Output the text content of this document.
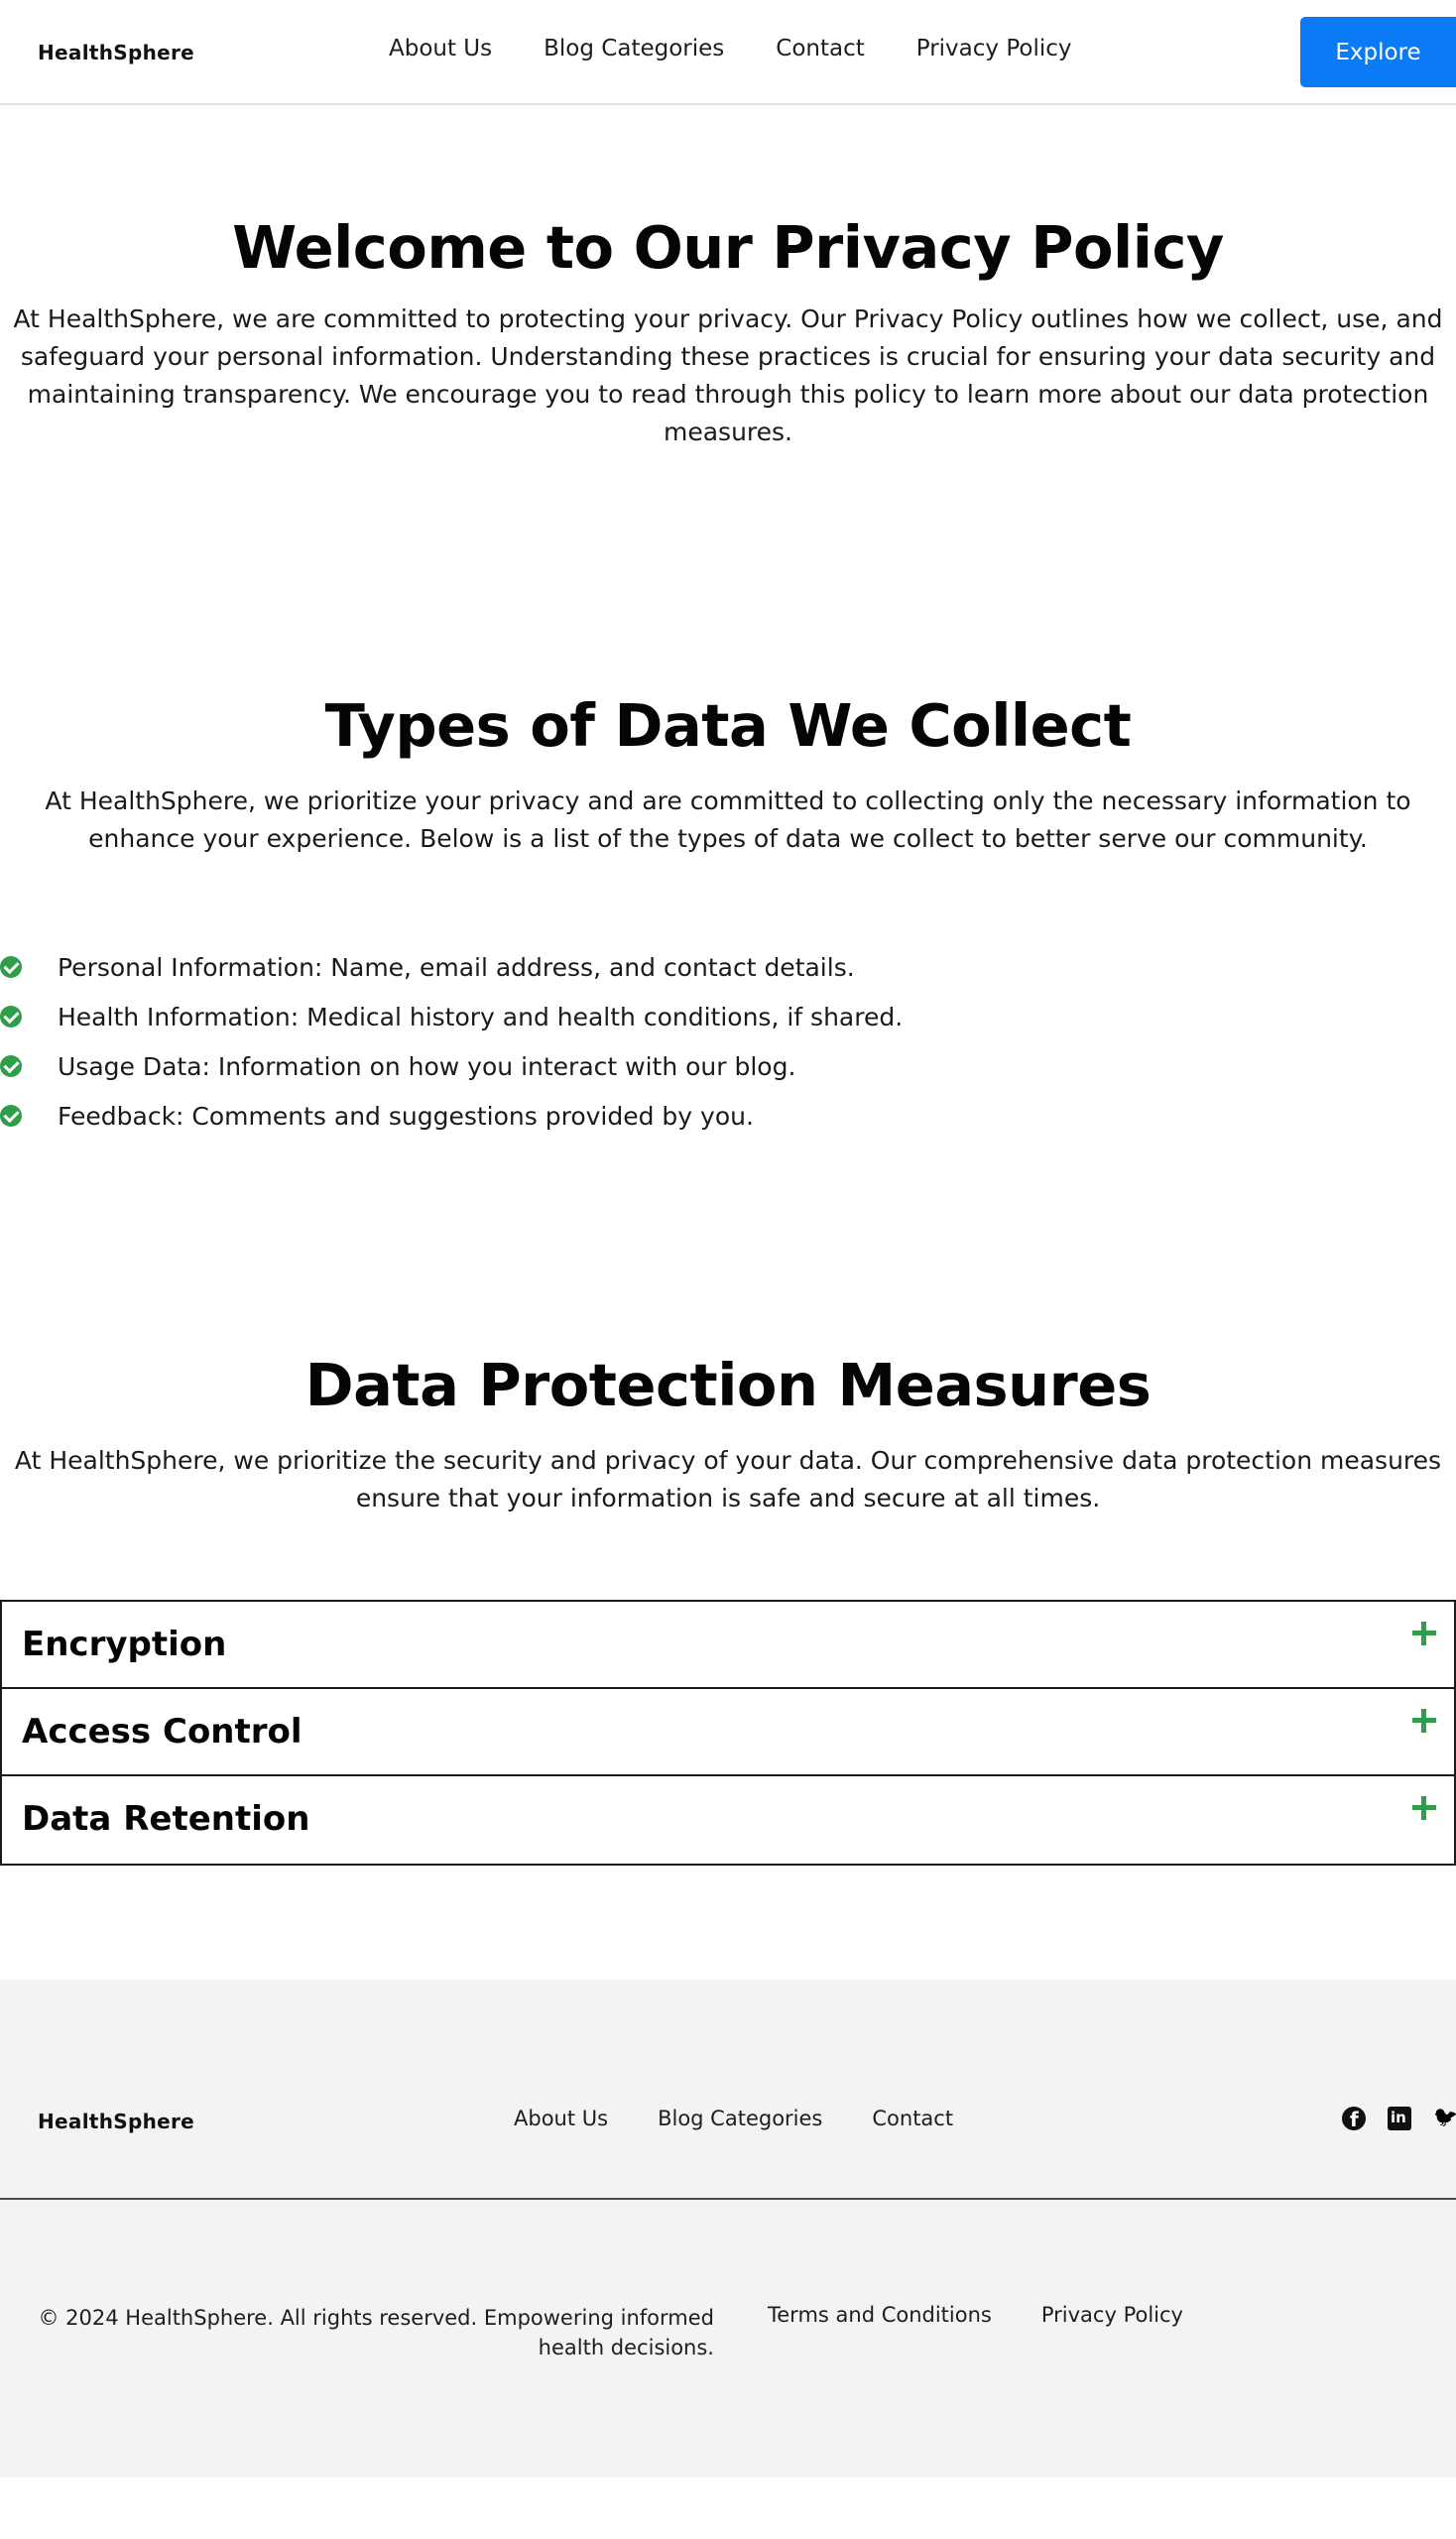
HealthSphere	About Us Blog Categories Contact Privacy Policy	Explore
Welcome to Our Privacy Policy

At HealthSphere, we are committed to protecting your privacy. Our Privacy Policy outlines how we collect, use, and safeguard your personal information. Understanding these practices is crucial for ensuring your data security and maintaining transparency. We encourage you to read through this policy to learn more about our data protection measures.

Types of Data We Collect

At HealthSphere, we prioritize your privacy and are committed to collecting only the necessary information to enhance your experience. Below is a list of the types of data we collect to better serve our community.

Personal Information: Name, email address, and contact details.
Health Information: Medical history and health conditions, if shared.
Usage Data: Information on how you interact with our blog.
Feedback: Comments and suggestions provided by you.
Data Protection Measures

At HealthSphere, we prioritize the security and privacy of your data. Our comprehensive data protection measures ensure that your information is safe and secure at all times.

Encryption
Access Control
Data Retention
HealthSphere	About Us Blog Categories Contact
f
in
🐦

© 2024 HealthSphere. All rights reserved. Empowering informed health decisions.

Terms and Conditions Privacy Policy
